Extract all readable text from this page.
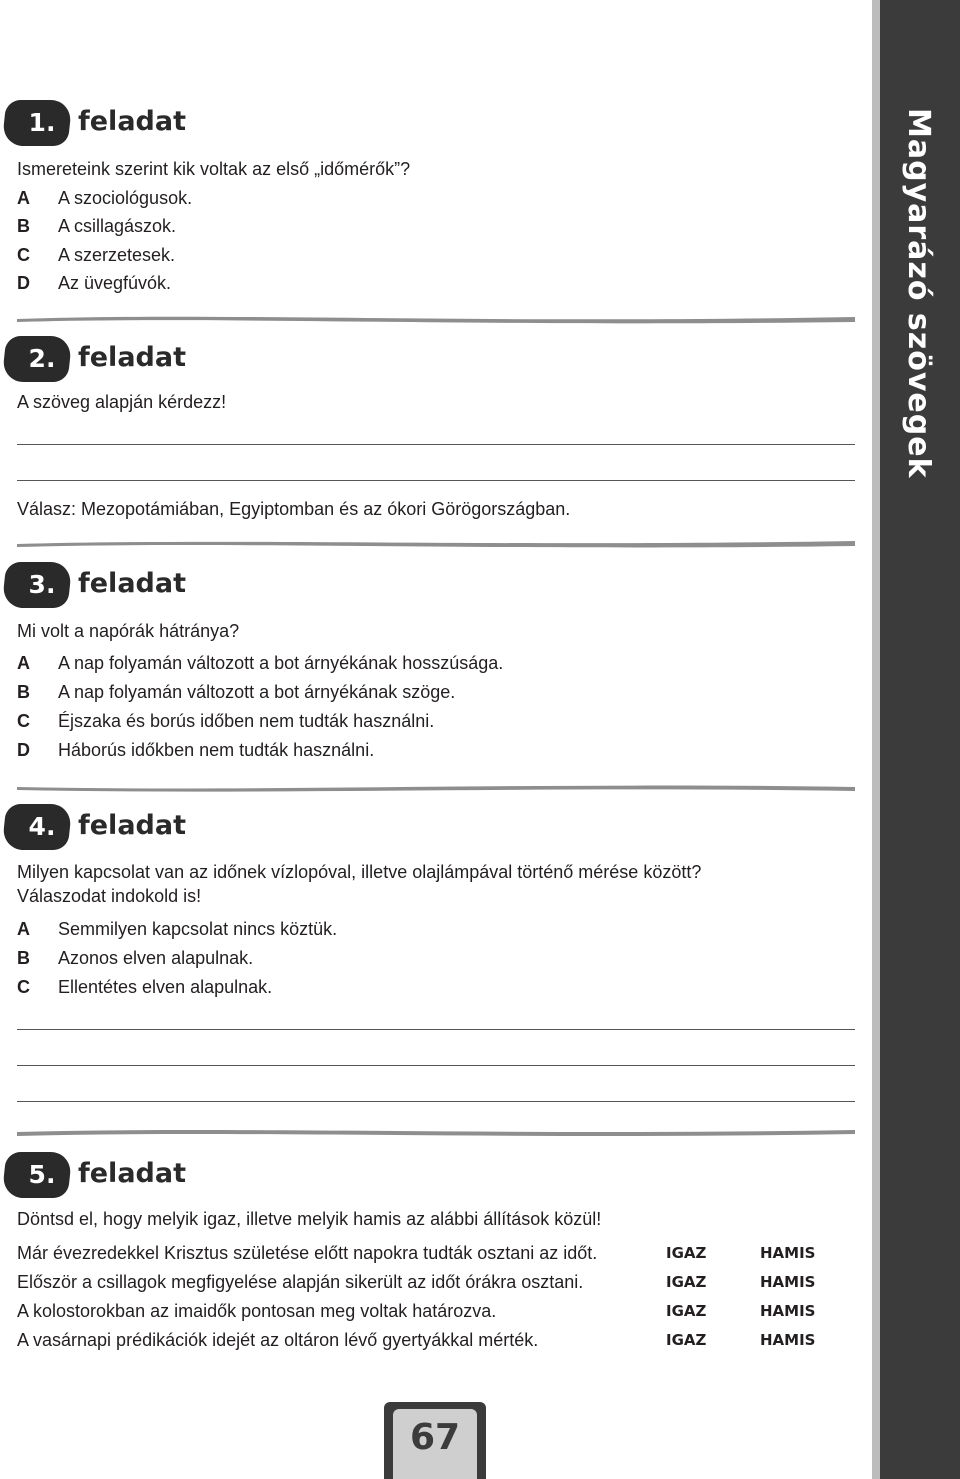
Magyarázó szövegek
1. feladat
Ismereteink szerint kik voltak az első „időmérők”?
A A szociológusok.
B A csillagászok.
C A szerzetesek.
D Az üvegfúvók.
2. feladat
A szöveg alapján kérdezz!
Válasz: Mezopotámiában, Egyiptomban és az ókori Görögországban.
3. feladat
Mi volt a napórák hátránya?
A A nap folyamán változott a bot árnyékának hosszúsága.
B A nap folyamán változott a bot árnyékának szöge.
C Éjszaka és borús időben nem tudták használni.
D Háborús időkben nem tudták használni.
4. feladat
Milyen kapcsolat van az időnek vízlopóval, illetve olajlámpával történő mérése között?
Válaszodat indokold is!
A Semmilyen kapcsolat nincs köztük.
B Azonos elven alapulnak.
C Ellentétes elven alapulnak.
5. feladat
Döntsd el, hogy melyik igaz, illetve melyik hamis az alábbi állítások közül!
Már évezredekkel Krisztus születése előtt napokra tudták osztani az időt.	IGAZ	HAMIS
Először a csillagok megfigyelése alapján sikerült az időt órákra osztani.	IGAZ	HAMIS
A kolostorokban az imaidők pontosan meg voltak határozva.	IGAZ	HAMIS
A vasárnapi prédikációk idejét az oltáron lévő gyertyákkal mérték.	IGAZ	HAMIS
67
